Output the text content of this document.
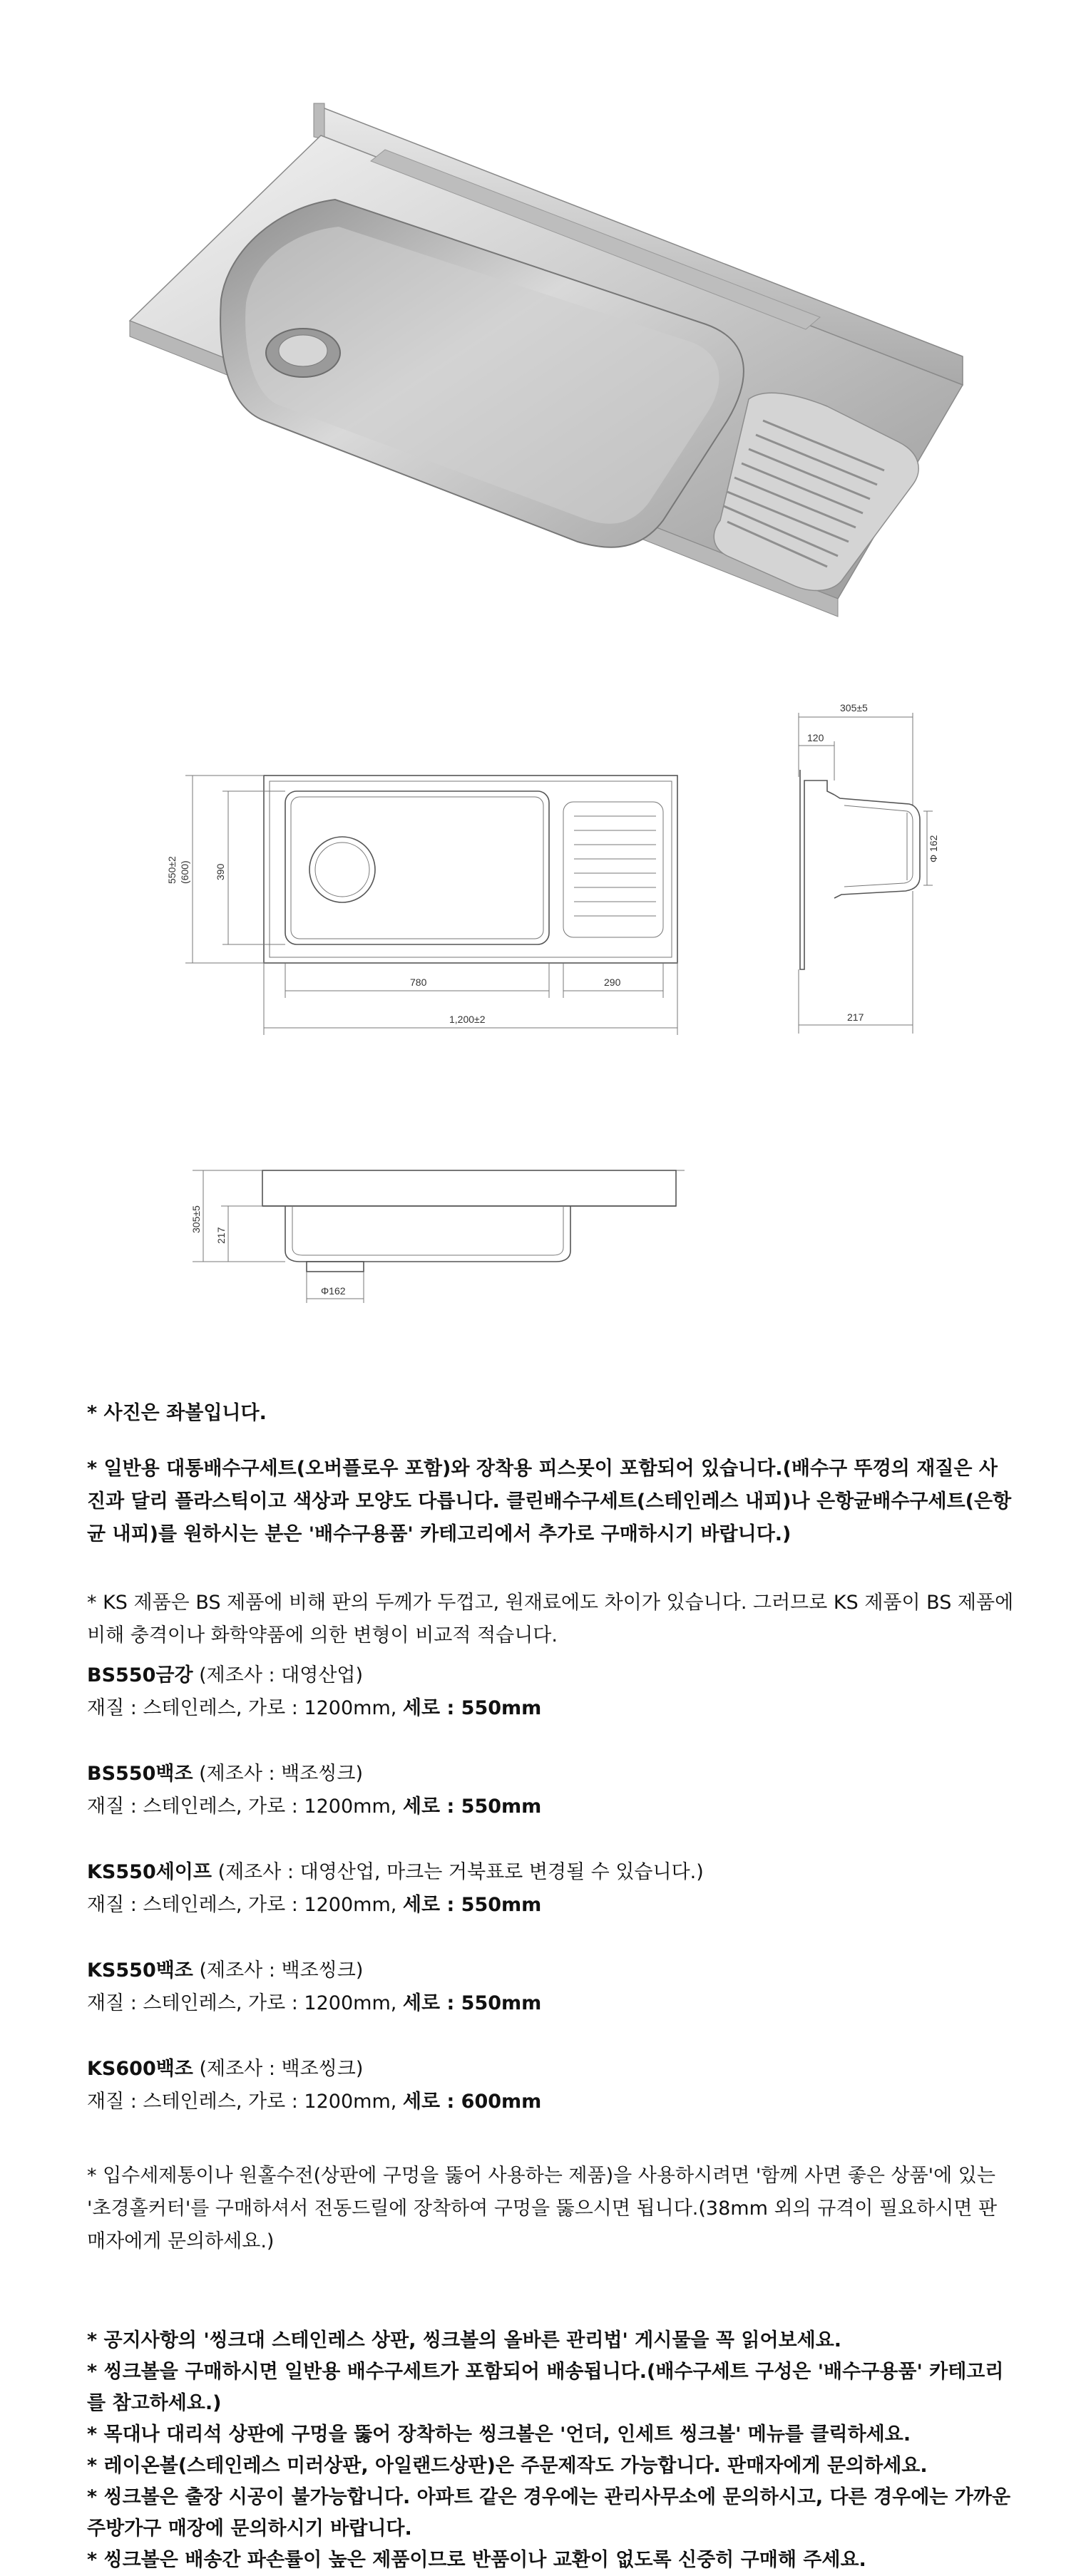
550±2 (600) 390
780	290
1,200±2
305±5
120
Φ 162
217
305±5
217
Φ162
* 사진은 좌볼입니다.
* 일반용 대통배수구세트(오버플로우 포함)와 장착용 피스못이 포함되어 있습니다.(배수구 뚜껑의 재질은 사진과 달리 플라스틱이고 색상과 모양도 다릅니다. 클린배수구세트(스테인레스 내피)나 은항균배수구세트(은항균 내피)를 원하시는 분은 '배수구용품' 카테고리에서 추가로 구매하시기 바랍니다.)
* KS 제품은 BS 제품에 비해 판의 두께가 두껍고, 원재료에도 차이가 있습니다. 그러므로 KS 제품이 BS 제품에 비해 충격이나 화학약품에 의한 변형이 비교적 적습니다.
BS550금강 (제조사 : 대영산업)
재질 : 스테인레스, 가로 : 1200mm, 세로 : 550mm
BS550백조 (제조사 : 백조씽크)
재질 : 스테인레스, 가로 : 1200mm, 세로 : 550mm
KS550세이프 (제조사 : 대영산업, 마크는 거북표로 변경될 수 있습니다.)
재질 : 스테인레스, 가로 : 1200mm, 세로 : 550mm
KS550백조 (제조사 : 백조씽크)
재질 : 스테인레스, 가로 : 1200mm, 세로 : 550mm
KS600백조 (제조사 : 백조씽크)
재질 : 스테인레스, 가로 : 1200mm, 세로 : 600mm
* 입수세제통이나 원홀수전(상판에 구멍을 뚫어 사용하는 제품)을 사용하시려면 '함께 사면 좋은 상품'에 있는 '초경홀커터'를 구매하셔서 전동드릴에 장착하여 구멍을 뚫으시면 됩니다.(38mm 외의 규격이 필요하시면 판매자에게 문의하세요.)
* 공지사항의 '씽크대 스테인레스 상판, 씽크볼의 올바른 관리법' 게시물을 꼭 읽어보세요.
* 씽크볼을 구매하시면 일반용 배수구세트가 포함되어 배송됩니다.(배수구세트 구성은 '배수구용품' 카테고리를 참고하세요.)
* 목대나 대리석 상판에 구멍을 뚫어 장착하는 씽크볼은 '언더, 인세트 씽크볼' 메뉴를 클릭하세요.
* 레이온볼(스테인레스 미러상판, 아일랜드상판)은 주문제작도 가능합니다. 판매자에게 문의하세요.
* 씽크볼은 출장 시공이 불가능합니다. 아파트 같은 경우에는 관리사무소에 문의하시고, 다른 경우에는 가까운 주방가구 매장에 문의하시기 바랍니다.
* 씽크볼은 배송간 파손률이 높은 제품이므로 반품이나 교환이 없도록 신중히 구매해 주세요.
